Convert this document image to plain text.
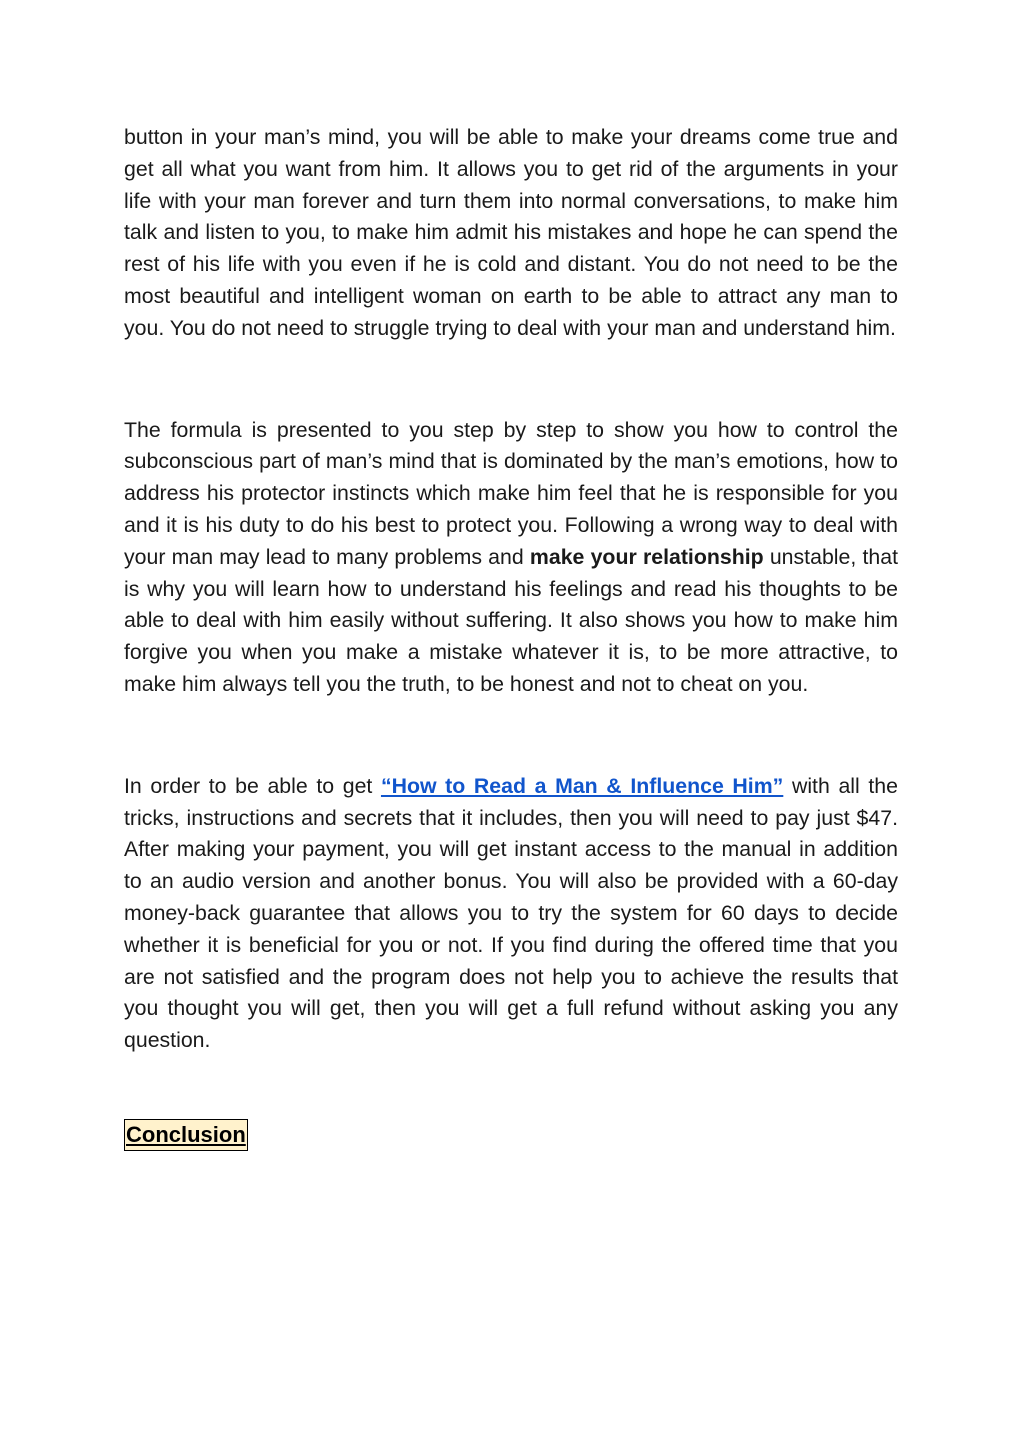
button in your man’s mind, you will be able to make your dreams come true and get all what you want from him. It allows you to get rid of the arguments in your life with your man forever and turn them into normal conversations, to make him talk and listen to you, to make him admit his mistakes and hope he can spend the rest of his life with you even if he is cold and distant. You do not need to be the most beautiful and intelligent woman on earth to be able to attract any man to you. You do not need to struggle trying to deal with your man and understand him.

The formula is presented to you step by step to show you how to control the subconscious part of man’s mind that is dominated by the man’s emotions, how to address his protector instincts which make him feel that he is responsible for you and it is his duty to do his best to protect you. Following a wrong way to deal with your man may lead to many problems and make your relationship unstable, that is why you will learn how to understand his feelings and read his thoughts to be able to deal with him easily without suffering. It also shows you how to make him forgive you when you make a mistake whatever it is, to be more attractive, to make him always tell you the truth, to be honest and not to cheat on you.

In order to be able to get “How to Read a Man & Influence Him” with all the tricks, instructions and secrets that it includes, then you will need to pay just $47. After making your payment, you will get instant access to the manual in addition to an audio version and another bonus. You will also be provided with a 60-day money-back guarantee that allows you to try the system for 60 days to decide whether it is beneficial for you or not. If you find during the offered time that you are not satisfied and the program does not help you to achieve the results that you thought you will get, then you will get a full refund without asking you any question.

Conclusion
